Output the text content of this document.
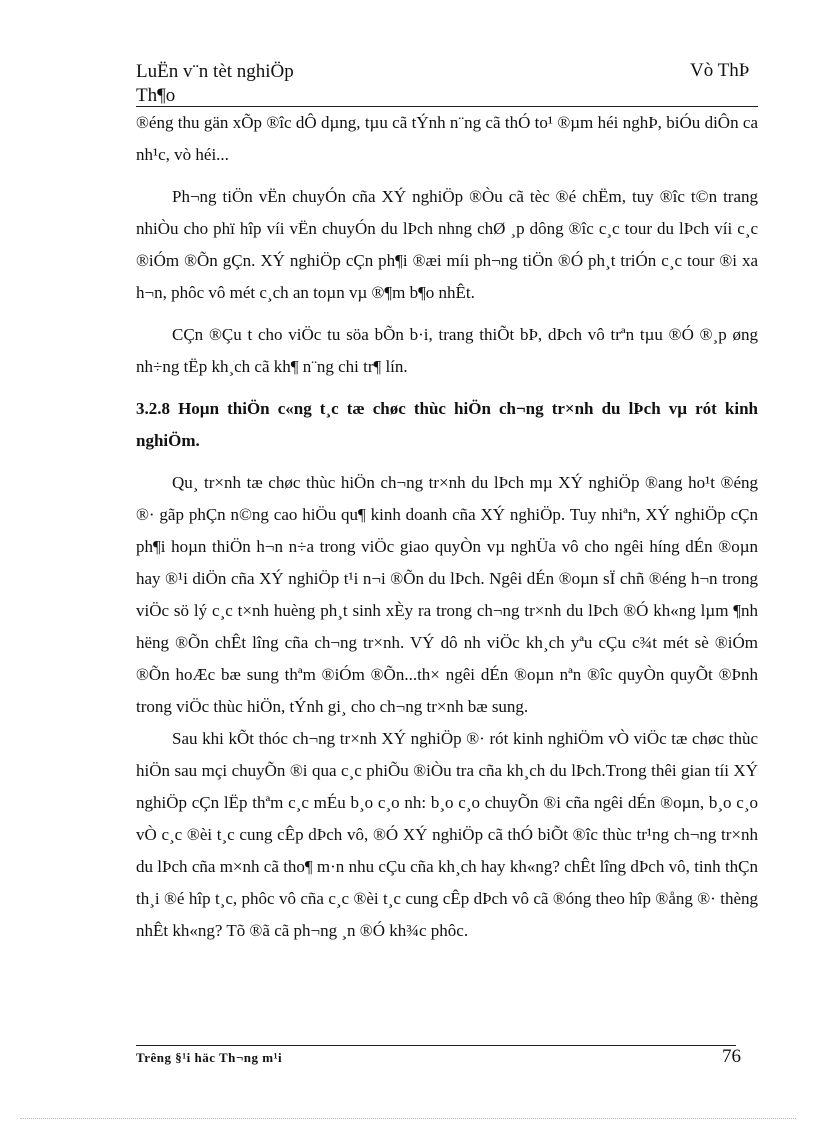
LuËn v¨n tèt nghiÖp
Th¶o
Vò ThÞ

®éng thu gän xÕp ®îc dÔ dµng, tµu cã tÝnh n¨ng cã thÓ to¹ ®µm héi nghÞ, biÓu diÔn ca nh¹c, vò héi...

Ph¬ng tiÖn vËn chuyÓn cña XÝ nghiÖp ®Òu cã tèc ®é chËm, tuy ®îc t©n trang nhiÒu cho phï hîp víi vËn chuyÓn du lÞch nhng chØ ¸p dông ®îc c¸c tour du lÞch víi c¸c ®iÓm ®Õn gÇn. XÝ nghiÖp cÇn ph¶i ®æi míi ph¬ng tiÖn ®Ó ph¸t triÓn c¸c tour ®i xa h¬n, phôc vô mét c¸ch an toµn vµ ®¶m b¶o nhÊt.

CÇn ®Çu t cho viÖc tu söa bÕn b·i, trang thiÕt bÞ, dÞch vô trªn tµu ®Ó ®¸p øng nh÷ng tËp kh¸ch cã kh¶ n¨ng chi tr¶ lín.

3.2.8 Hoµn thiÖn c«ng t¸c tæ chøc thùc hiÖn ch¬ng tr×nh du lÞch vµ rót kinh nghiÖm.

Qu¸ tr×nh tæ chøc thùc hiÖn ch¬ng tr×nh du lÞch mµ XÝ nghiÖp ®ang ho¹t ®éng ®· gãp phÇn n©ng cao hiÖu qu¶ kinh doanh cña XÝ nghiÖp. Tuy nhiªn, XÝ nghiÖp cÇn ph¶i hoµn thiÖn h¬n n÷a trong viÖc giao quyÒn vµ nghÜa vô cho ngêi híng dÉn ®oµn hay ®¹i diÖn cña XÝ nghiÖp t¹i n¬i ®Õn du lÞch. Ngêi dÉn ®oµn sÏ chñ ®éng h¬n trong viÖc sö lý c¸c t×nh huèng ph¸t sinh xÈy ra trong ch¬ng tr×nh du lÞch ®Ó kh«ng lµm ¶nh hëng ®Õn chÊt lîng cña ch¬ng tr×nh. VÝ dô nh viÖc kh¸ch yªu cÇu c¾t mét sè ®iÓm ®Õn hoÆc bæ sung thªm ®iÓm ®Õn...th× ngêi dÉn ®oµn nªn ®îc quyÒn quyÕt ®Þnh trong viÖc thùc hiÖn, tÝnh gi¸ cho ch¬ng tr×nh bæ sung.

Sau khi kÕt thóc ch¬ng tr×nh XÝ nghiÖp ®· rót kinh nghiÖm vÒ viÖc tæ chøc thùc hiÖn sau mçi chuyÕn ®i qua c¸c phiÕu ®iÒu tra cña kh¸ch du lÞch.Trong thêi gian tíi XÝ nghiÖp cÇn lËp thªm c¸c mÉu b¸o c¸o nh: b¸o c¸o chuyÕn ®i cña ngêi dÉn ®oµn, b¸o c¸o vÒ c¸c ®èi t¸c cung cÊp dÞch vô, ®Ó XÝ nghiÖp cã thÓ biÕt ®îc thùc tr¹ng ch¬ng tr×nh du lÞch cña m×nh cã tho¶ m·n nhu cÇu cña kh¸ch hay kh«ng? chÊt lîng dÞch vô, tinh thÇn th¸i ®é hîp t¸c, phôc vô cña c¸c ®èi t¸c cung cÊp dÞch vô cã ®óng theo hîp ®ång ®· thèng nhÊt kh«ng? Tõ ®ã cã ph¬ng ¸n ®Ó kh¾c phôc.

Trêng §¹i häc Th¬ng m¹i	76
